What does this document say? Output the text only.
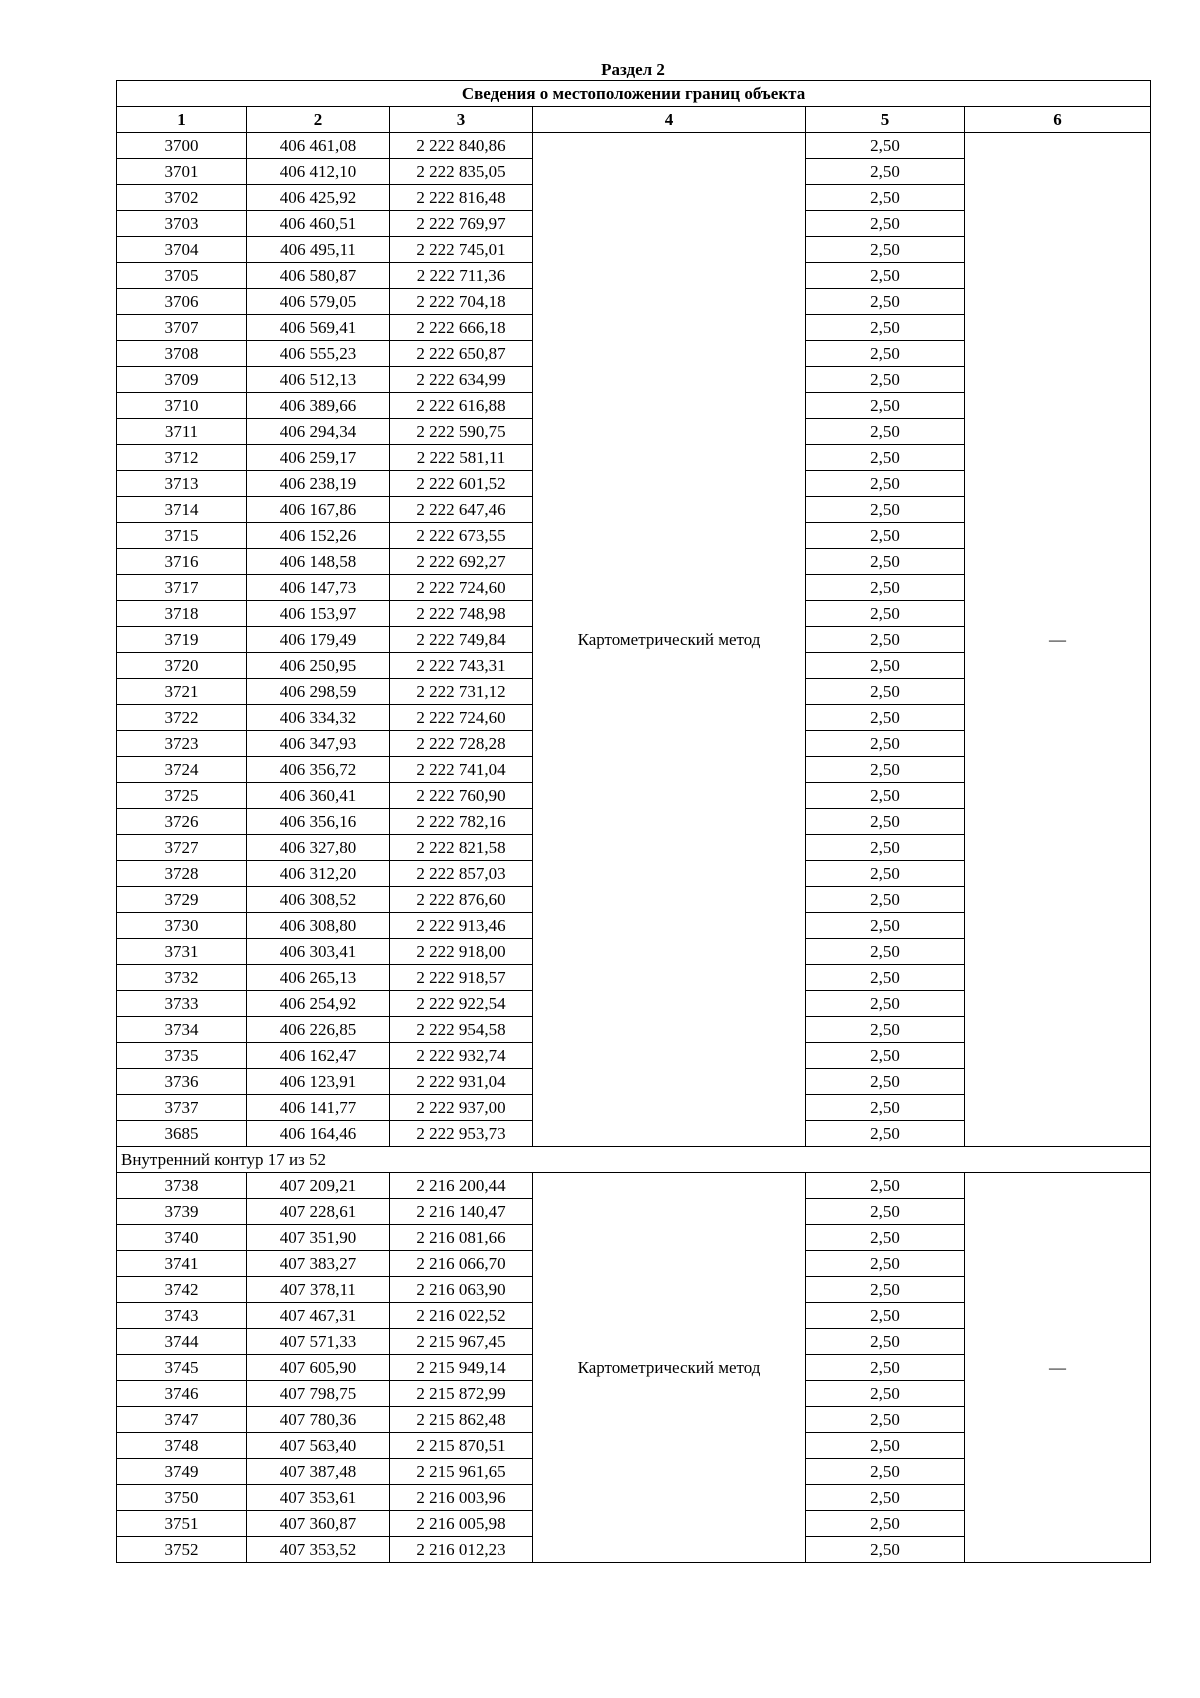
Раздел 2
Сведения о местоположении границ объекта					
1	2	3	4	5	6
3700	406 461,08	2 222 840,86	Картометрический метод	2,50	—
3701	406 412,10	2 222 835,05		2,50	
3702	406 425,92	2 222 816,48		2,50	
3703	406 460,51	2 222 769,97		2,50	
3704	406 495,11	2 222 745,01		2,50	
3705	406 580,87	2 222 711,36		2,50	
3706	406 579,05	2 222 704,18		2,50	
3707	406 569,41	2 222 666,18		2,50	
3708	406 555,23	2 222 650,87		2,50	
3709	406 512,13	2 222 634,99		2,50	
3710	406 389,66	2 222 616,88		2,50	
3711	406 294,34	2 222 590,75		2,50	
3712	406 259,17	2 222 581,11		2,50	
3713	406 238,19	2 222 601,52		2,50	
3714	406 167,86	2 222 647,46		2,50	
3715	406 152,26	2 222 673,55		2,50	
3716	406 148,58	2 222 692,27		2,50	
3717	406 147,73	2 222 724,60		2,50	
3718	406 153,97	2 222 748,98		2,50	
3719	406 179,49	2 222 749,84		2,50	
3720	406 250,95	2 222 743,31		2,50	
3721	406 298,59	2 222 731,12		2,50	
3722	406 334,32	2 222 724,60		2,50	
3723	406 347,93	2 222 728,28		2,50	
3724	406 356,72	2 222 741,04		2,50	
3725	406 360,41	2 222 760,90		2,50	
3726	406 356,16	2 222 782,16		2,50	
3727	406 327,80	2 222 821,58		2,50	
3728	406 312,20	2 222 857,03		2,50	
3729	406 308,52	2 222 876,60		2,50	
3730	406 308,80	2 222 913,46		2,50	
3731	406 303,41	2 222 918,00		2,50	
3732	406 265,13	2 222 918,57		2,50	
3733	406 254,92	2 222 922,54		2,50	
3734	406 226,85	2 222 954,58		2,50	
3735	406 162,47	2 222 932,74		2,50	
3736	406 123,91	2 222 931,04		2,50	
3737	406 141,77	2 222 937,00		2,50	
3685	406 164,46	2 222 953,73		2,50	
Внутренний контур 17 из 52					
3738	407 209,21	2 216 200,44	Картометрический метод	2,50	—
3739	407 228,61	2 216 140,47		2,50	
3740	407 351,90	2 216 081,66		2,50	
3741	407 383,27	2 216 066,70		2,50	
3742	407 378,11	2 216 063,90		2,50	
3743	407 467,31	2 216 022,52		2,50	
3744	407 571,33	2 215 967,45		2,50	
3745	407 605,90	2 215 949,14		2,50	
3746	407 798,75	2 215 872,99		2,50	
3747	407 780,36	2 215 862,48		2,50	
3748	407 563,40	2 215 870,51		2,50	
3749	407 387,48	2 215 961,65		2,50	
3750	407 353,61	2 216 003,96		2,50	
3751	407 360,87	2 216 005,98		2,50	
3752	407 353,52	2 216 012,23		2,50	
